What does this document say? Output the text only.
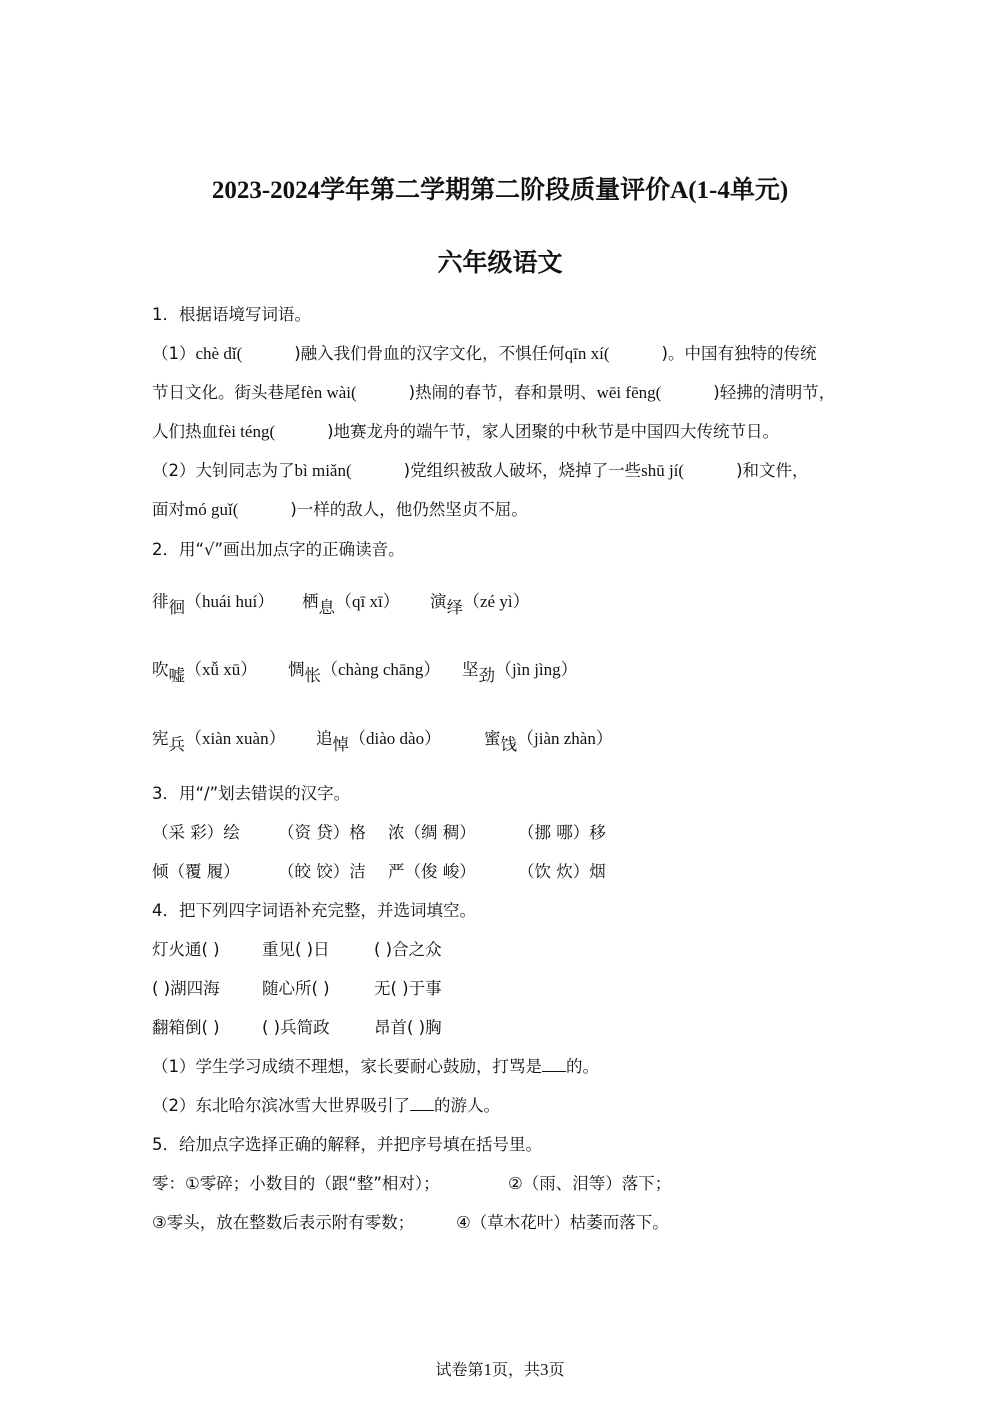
2023-2024学年第二学期第二阶段质量评价A(1-4单元)
六年级语文
1．根据语境写词语。
（1）chè dǐ(	)融入我们骨血的汉字文化，不惧任何qīn xí(	)。中国有独特的传统
节日文化。街头巷尾fèn wài(	)热闹的春节，春和景明、wēi fēng(	)轻拂的清明节，
人们热血fèi téng(	)地赛龙舟的端午节，家人团聚的中秋节是中国四大传统节日。
（2）大钊同志为了bì miǎn(	)党组织被敌人破坏，烧掉了一些shū jí(	)和文件，
面对mó guǐ(	)一样的敌人，他仍然坚贞不屈。
2．用“√”画出加点字的正确读音。
徘徊（huái huí） 栖息（qī xī） 演绎（zé yì）
吹嘘（xǚ xū） 惆怅（chàng chāng） 坚劲（jìn jìng）
宪兵（xiàn xuàn） 追悼（diào dào）	蜜饯（jiàn zhàn）
3．用“/”划去错误的汉字。
（采 彩）绘 （资 贷）格 浓（绸 稠）	（挪 哪）移
倾（覆 履） （皎 饺）洁 严（俊 峻）	（饮 炊）烟
4．把下列四字词语补充完整，并选词填空。
灯火通( )	重见( )日	( )合之众
( )湖四海	随心所( )	无( )于事
翻箱倒( )	( )兵简政	昂首( )胸
（1）学生学习成绩不理想，家长要耐心鼓励，打骂是 的。
（2）东北哈尔滨冰雪大世界吸引了 的游人。
5．给加点字选择正确的解释，并把序号填在括号里。
零：①零碎；小数目的（跟“整”相对）；	②（雨、泪等）落下；
③零头，放在整数后表示附有零数；	④（草木花叶）枯萎而落下。
试卷第1页，共3页
